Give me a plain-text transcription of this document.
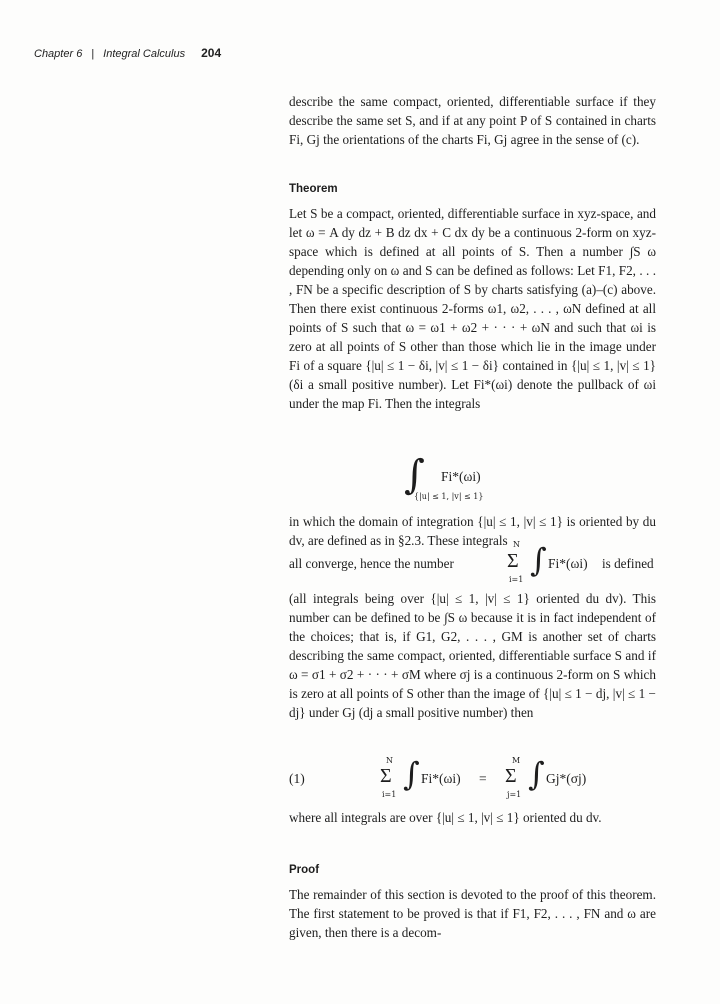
Chapter 6 | Integral Calculus 204
describe the same compact, oriented, differentiable surface if they describe the same set S, and if at any point P of S contained in charts Fi, Gj the orientations of the charts Fi, Gj agree in the sense of (c).
Theorem
Let S be a compact, oriented, differentiable surface in xyz-space, and let ω = A dy dz + B dz dx + C dx dy be a continuous 2-form on xyz-space which is defined at all points of S. Then a number ∫S ω depending only on ω and S can be defined as follows: Let F1, F2, . . . , FN be a specific description of S by charts satisfying (a)–(c) above. Then there exist continuous 2-forms ω1, ω2, . . . , ωN defined at all points of S such that ω = ω1 + ω2 + · · · + ωN and such that ωi is zero at all points of S other than those which lie in the image under Fi of a square {|u| ≤ 1 − δi, |v| ≤ 1 − δi} contained in {|u| ≤ 1, |v| ≤ 1} (δi a small positive number). Let Fi*(ωi) denote the pullback of ωi under the map Fi. Then the integrals
∫ Fi*(ωi)
{|u| ≤ 1, |v| ≤ 1}
in which the domain of integration {|u| ≤ 1, |v| ≤ 1} is oriented by du dv, are defined as in §2.3. These integrals
all converge, hence the number
N
Σ
i=1
∫ Fi*(ωi) is defined
(all integrals being over {|u| ≤ 1, |v| ≤ 1} oriented du dv). This number can be defined to be ∫S ω because it is in fact independent of the choices; that is, if G1, G2, . . . , GM is another set of charts describing the same compact, oriented, differentiable surface S and if ω = σ1 + σ2 + · · · + σM where σj is a continuous 2-form on S which is zero at all points of S other than the image of {|u| ≤ 1 − dj, |v| ≤ 1 − dj} under Gj (dj a small positive number) then
(1)
N
Σ
i=1
∫ Fi*(ωi) =
M
Σ
j=1
∫ Gj*(σj)
where all integrals are over {|u| ≤ 1, |v| ≤ 1} oriented du dv.
Proof
The remainder of this section is devoted to the proof of this theorem. The first statement to be proved is that if F1, F2, . . . , FN and ω are given, then there is a decom-
